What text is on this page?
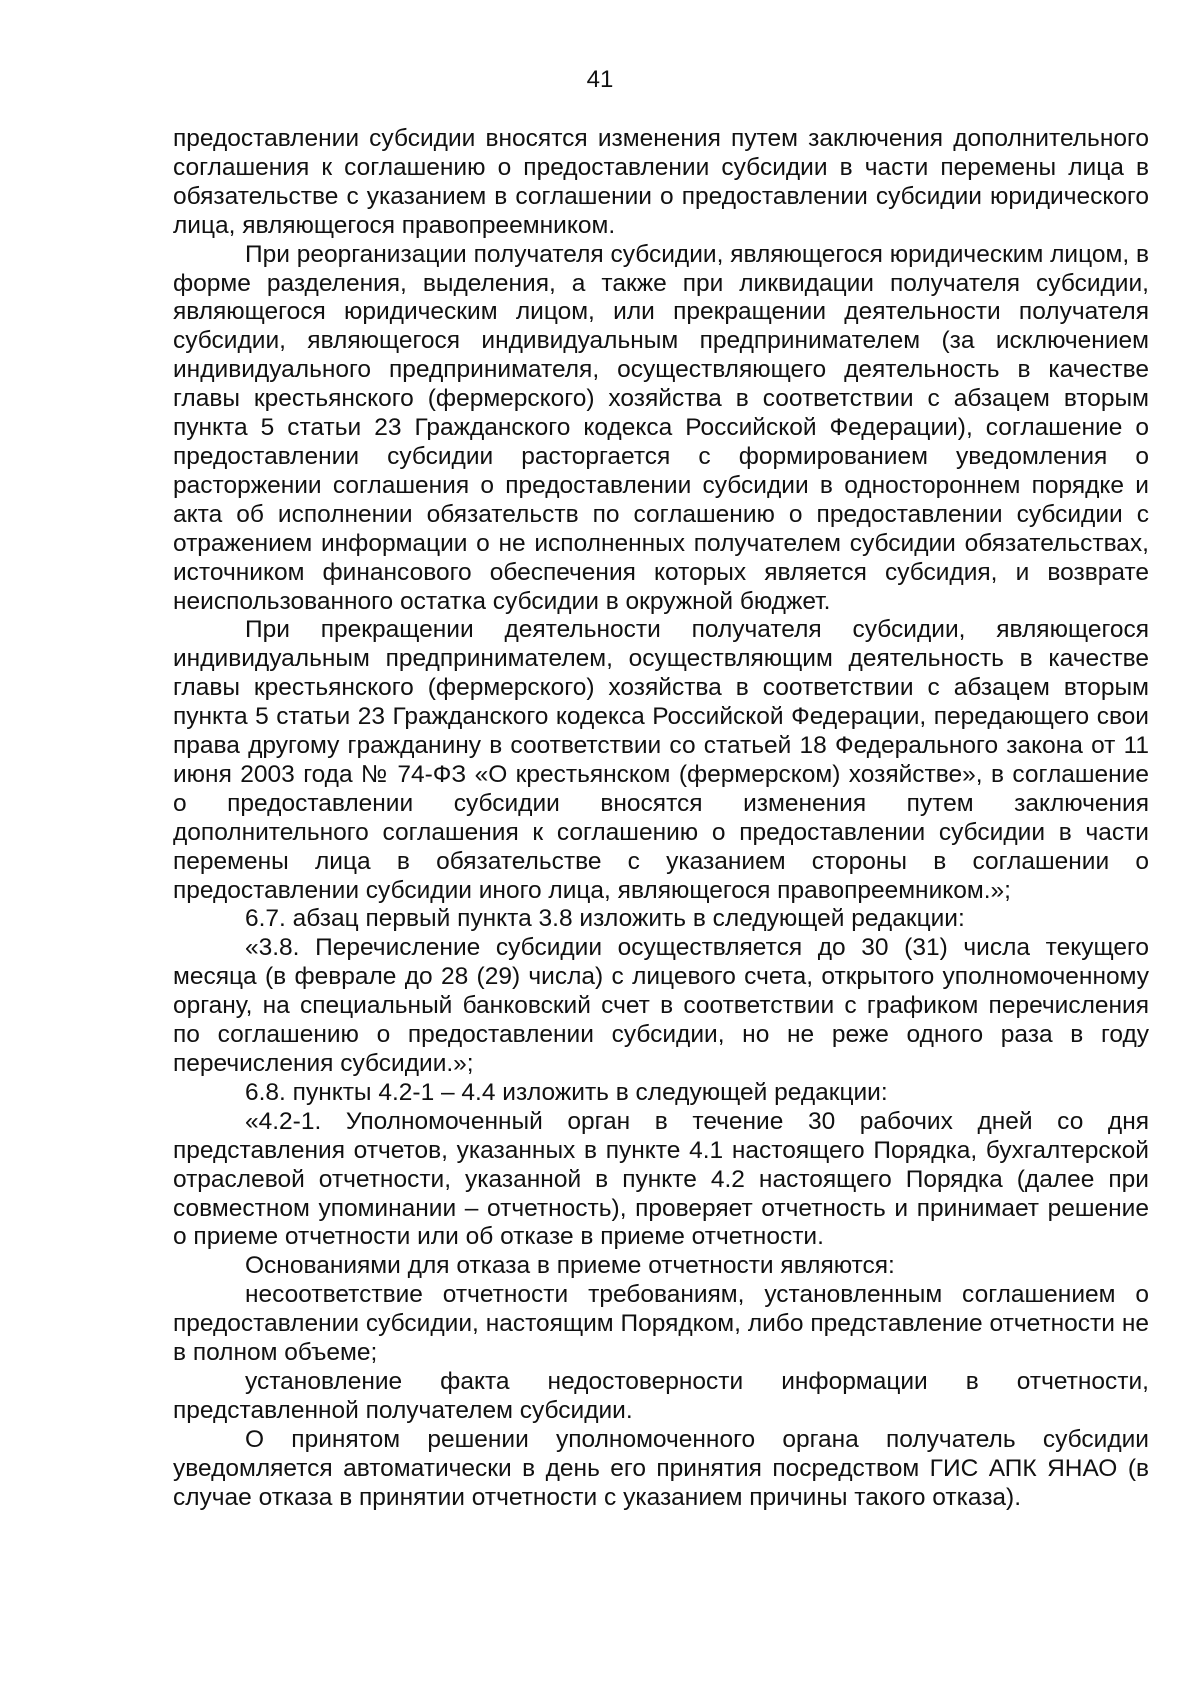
41

предоставлении субсидии вносятся изменения путем заключения дополнительного соглашения к соглашению о предоставлении субсидии в части перемены лица в обязательстве с указанием в соглашении о предоставлении субсидии юридического лица, являющегося правопреемником.

При реорганизации получателя субсидии, являющегося юридическим лицом, в форме разделения, выделения, а также при ликвидации получателя субсидии, являющегося юридическим лицом, или прекращении деятельности получателя субсидии, являющегося индивидуальным предпринимателем (за исключением индивидуального предпринимателя, осуществляющего деятельность в качестве главы крестьянского (фермерского) хозяйства в соответствии с абзацем вторым пункта 5 статьи 23 Гражданского кодекса Российской Федерации), соглашение о предоставлении субсидии расторгается с формированием уведомления о расторжении соглашения о предоставлении субсидии в одностороннем порядке и акта об исполнении обязательств по соглашению о предоставлении субсидии с отражением информации о не исполненных получателем субсидии обязательствах, источником финансового обеспечения которых является субсидия, и возврате неиспользованного остатка субсидии в окружной бюджет.

При прекращении деятельности получателя субсидии, являющегося индивидуальным предпринимателем, осуществляющим деятельность в качестве главы крестьянского (фермерского) хозяйства в соответствии с абзацем вторым пункта 5 статьи 23 Гражданского кодекса Российской Федерации, передающего свои права другому гражданину в соответствии со статьей 18 Федерального закона от 11 июня 2003 года № 74-ФЗ «О крестьянском (фермерском) хозяйстве», в соглашение о предоставлении субсидии вносятся изменения путем заключения дополнительного соглашения к соглашению о предоставлении субсидии в части перемены лица в обязательстве с указанием стороны в соглашении о предоставлении субсидии иного лица, являющегося правопреемником.»;

6.7. абзац первый пункта 3.8 изложить в следующей редакции:

«3.8. Перечисление субсидии осуществляется до 30 (31) числа текущего месяца (в феврале до 28 (29) числа) с лицевого счета, открытого уполномоченному органу, на специальный банковский счет в соответствии с графиком перечисления по соглашению о предоставлении субсидии, но не реже одного раза в году перечисления субсидии.»;

6.8. пункты 4.2-1 – 4.4 изложить в следующей редакции:

«4.2-1. Уполномоченный орган в течение 30 рабочих дней со дня представления отчетов, указанных в пункте 4.1 настоящего Порядка, бухгалтерской отраслевой отчетности, указанной в пункте 4.2 настоящего Порядка (далее при совместном упоминании – отчетность), проверяет отчетность и принимает решение о приеме отчетности или об отказе в приеме отчетности.

Основаниями для отказа в приеме отчетности являются:

несоответствие отчетности требованиям, установленным соглашением о предоставлении субсидии, настоящим Порядком, либо представление отчетности не в полном объеме;

установление факта недостоверности информации в отчетности, представленной получателем субсидии.

О принятом решении уполномоченного органа получатель субсидии уведомляется автоматически в день его принятия посредством ГИС АПК ЯНАО (в случае отказа в принятии отчетности с указанием причины такого отказа).
